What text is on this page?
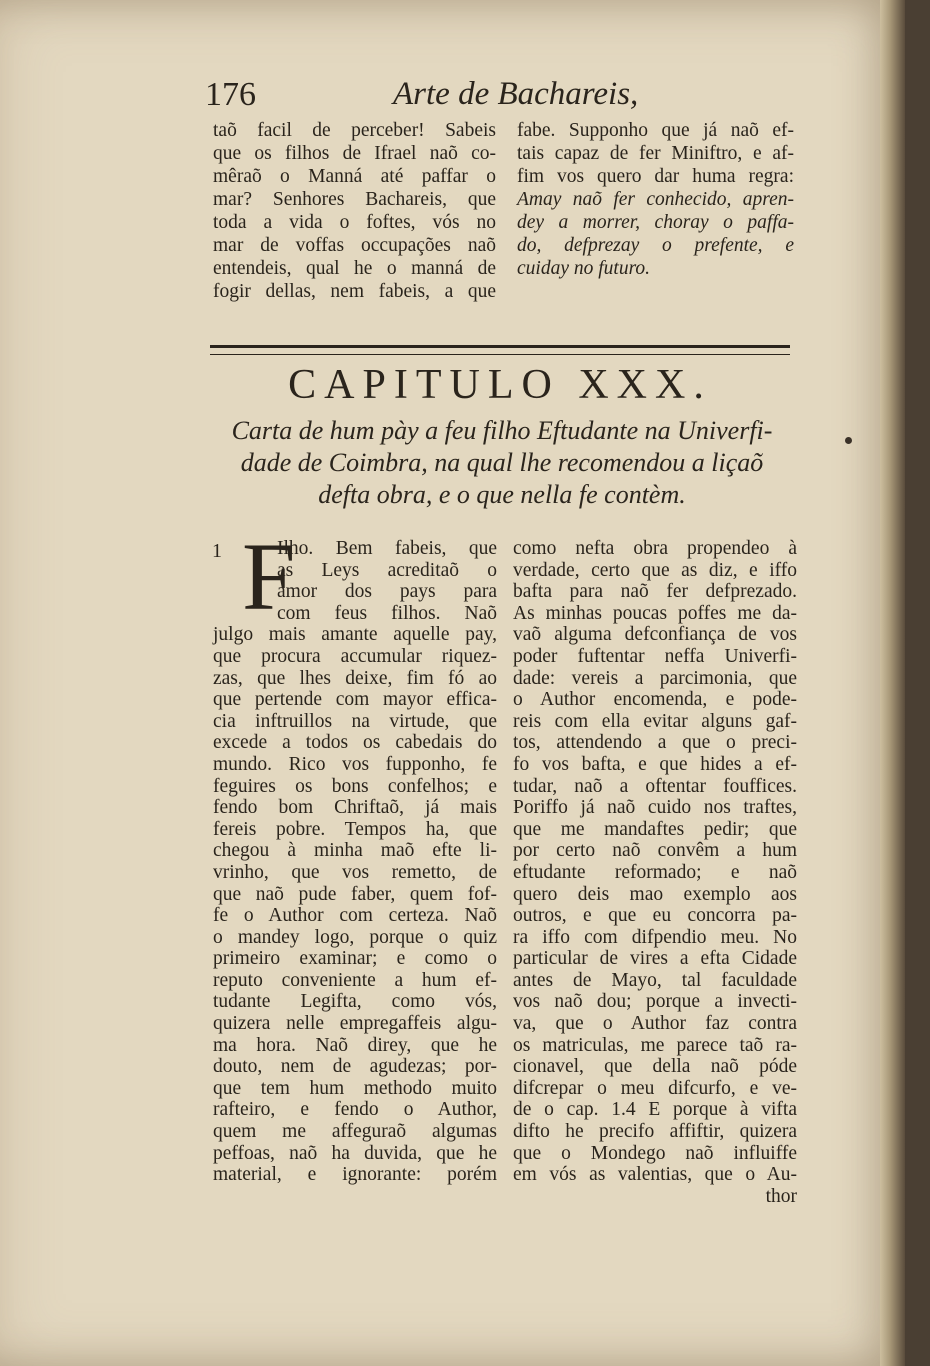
176	Arte de Bachareis,
taõ facil de perceber! Sabeis
que os filhos de Ifrael naõ co-
mêraõ o Manná até paffar o
mar? Senhores Bachareis, que
toda a vida o foftes, vós no
mar de voffas occupações naõ
entendeis, qual he o manná de
fogir dellas, nem fabeis, a que
fabe. Supponho que já naõ ef-
tais capaz de fer Miniftro, e af-
fim vos quero dar huma regra:
Amay naõ fer conhecido, apren-
dey a morrer, choray o paffa-
do, defprezay o prefente, e
cuiday no futuro.
CAPITULO XXX.
Carta de hum pày a feu filho Eftudante na Univerfi-
dade de Coimbra, na qual lhe recomendou a liçaõ
defta obra, e o que nella fe contèm.
1 F
Ilho. Bem fabeis, que
as Leys acreditaõ o
amor dos pays para
com feus filhos. Naõ
julgo mais amante aquelle pay,
que procura accumular riquez-
zas, que lhes deixe, fim fó ao
que pertende com mayor effica-
cia inftruillos na virtude, que
excede a todos os cabedais do
mundo. Rico vos fupponho, fe
feguires os bons confelhos; e
fendo bom Chriftaõ, já mais
fereis pobre. Tempos ha, que
chegou à minha maõ efte li-
vrinho, que vos remetto, de
que naõ pude faber, quem fof-
fe o Author com certeza. Naõ
o mandey logo, porque o quiz
primeiro examinar; e como o
reputo conveniente a hum ef-
tudante Legifta, como vós,
quizera nelle empregaffeis algu-
ma hora. Naõ direy, que he
douto, nem de agudezas; por-
que tem hum methodo muito
rafteiro, e fendo o Author,
quem me affeguraõ algumas
peffoas, naõ ha duvida, que he
material, e ignorante: porém
como nefta obra propendeo à
verdade, certo que as diz, e iffo
bafta para naõ fer defprezado.
As minhas poucas poffes me da-
vaõ alguma defconfiança de vos
poder fuftentar neffa Univerfi-
dade: vereis a parcimonia, que
o Author encomenda, e pode-
reis com ella evitar alguns gaf-
tos, attendendo a que o preci-
fo vos bafta, e que hides a ef-
tudar, naõ a oftentar fouffices.
Poriffo já naõ cuido nos traftes,
que me mandaftes pedir; que
por certo naõ convêm a hum
eftudante reformado; e naõ
quero deis mao exemplo aos
outros, e que eu concorra pa-
ra iffo com difpendio meu. No
particular de vires a efta Cidade
antes de Mayo, tal faculdade
vos naõ dou; porque a invecti-
va, que o Author faz contra
os matriculas, me parece taõ ra-
cionavel, que della naõ póde
difcrepar o meu difcurfo, e ve-
de o cap. 1.4 E porque à vifta
difto he precifo affiftir, quizera
que o Mondego naõ influiffe
em vós as valentias, que o Au-
thor
